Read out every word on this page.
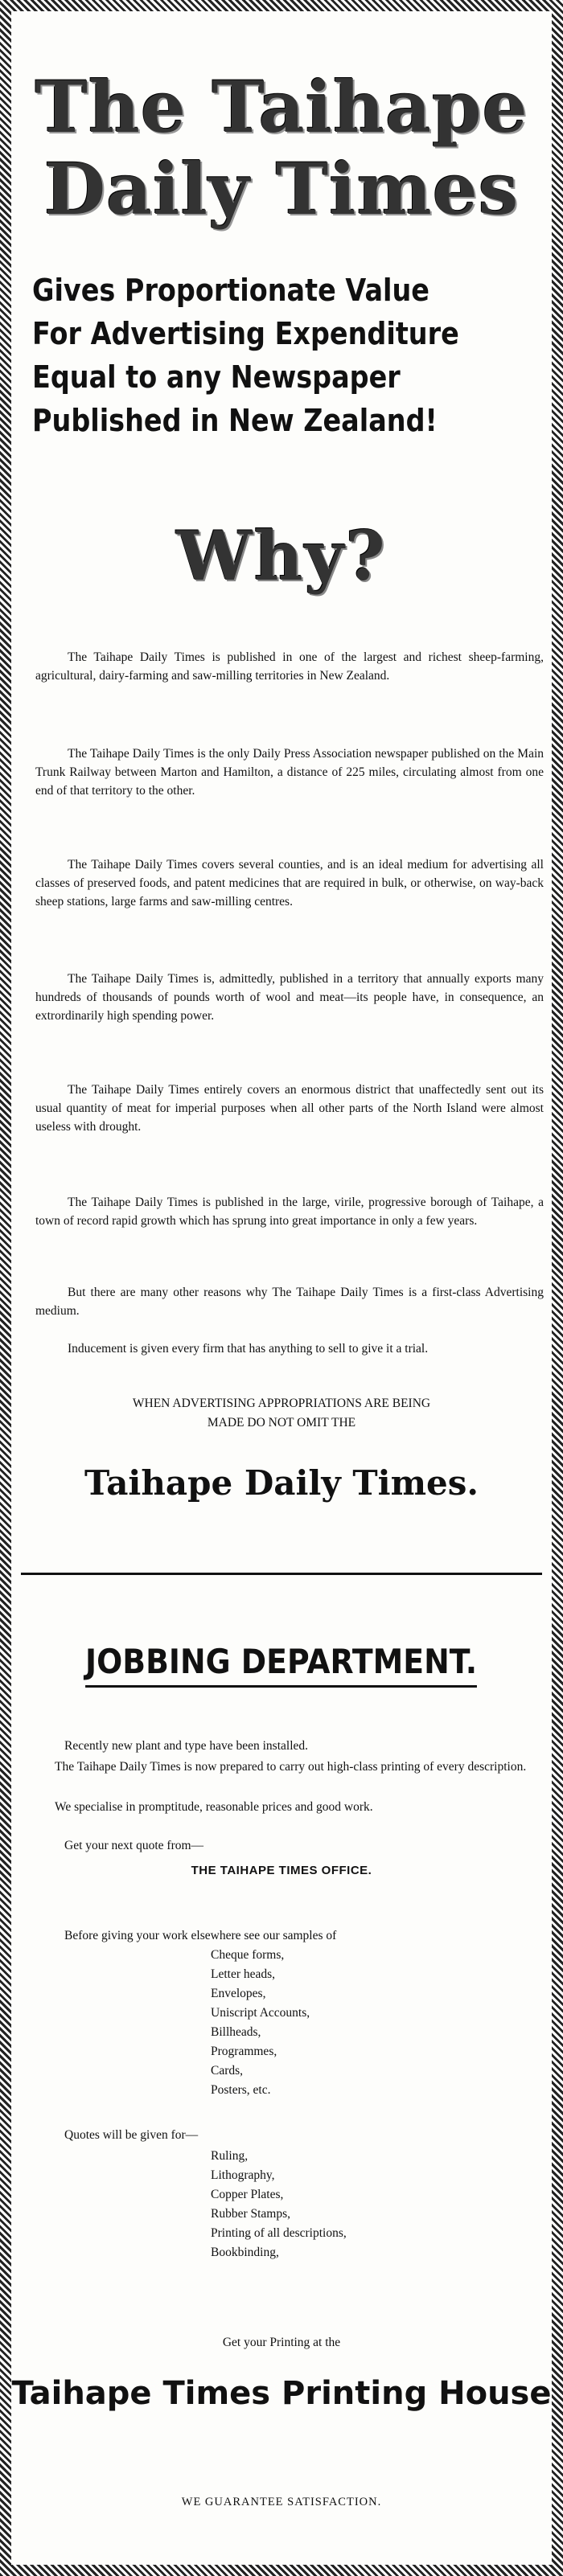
The Taihape
Daily Times
Gives Proportionate Value
For Advertising Expenditure
Equal to any Newspaper
Published in New Zealand!
Why?
The Taihape Daily Times is published in one of the largest and richest sheep-farming, agricultural, dairy-farming and saw-milling territories in New Zealand.
The Taihape Daily Times is the only Daily Press Association newspaper published on the Main Trunk Railway between Marton and Hamilton, a distance of 225 miles, circulating almost from one end of that territory to the other.
The Taihape Daily Times covers several counties, and is an ideal medium for advertising all classes of preserved foods, and patent medicines that are required in bulk, or otherwise, on way-back sheep stations, large farms and saw-milling centres.
The Taihape Daily Times is, admittedly, published in a territory that annually exports many hundreds of thousands of pounds worth of wool and meat—its people have, in consequence, an extrordinarily high spending power.
The Taihape Daily Times entirely covers an enormous district that unaffectedly sent out its usual quantity of meat for imperial purposes when all other parts of the North Island were almost useless with drought.
The Taihape Daily Times is published in the large, virile, progressive borough of Taihape, a town of record rapid growth which has sprung into great importance in only a few years.
But there are many other reasons why The Taihape Daily Times is a first-class Advertising medium.
Inducement is given every firm that has anything to sell to give it a trial.
WHEN ADVERTISING APPROPRIATIONS ARE BEING
MADE DO NOT OMIT THE
Taihape Daily Times.
JOBBING DEPARTMENT.
Recently new plant and type have been installed.
The Taihape Daily Times is now prepared to carry out high-class printing of every description.
We specialise in promptitude, reasonable prices and good work.
Get your next quote from—
THE TAIHAPE TIMES OFFICE.
Before giving your work elsewhere see our samples of
Cheque forms,
Letter heads,
Envelopes,
Uniscript Accounts,
Billheads,
Programmes,
Cards,
Posters, etc.
Quotes will be given for—
Ruling,
Lithography,
Copper Plates,
Rubber Stamps,
Printing of all descriptions,
Bookbinding,
Get your Printing at the
Taihape Times Printing House
WE GUARANTEE SATISFACTION.
